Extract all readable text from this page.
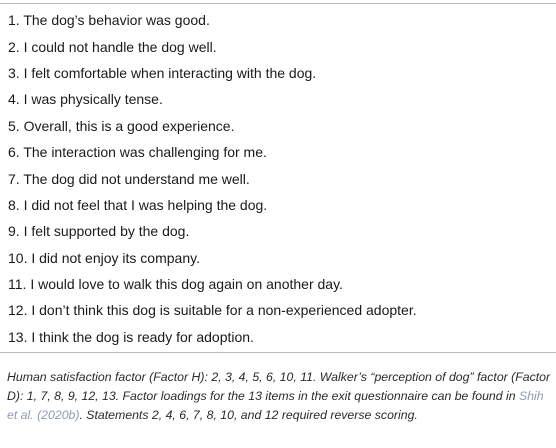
1. The dog’s behavior was good.
2. I could not handle the dog well.
3. I felt comfortable when interacting with the dog.
4. I was physically tense.
5. Overall, this is a good experience.
6. The interaction was challenging for me.
7. The dog did not understand me well.
8. I did not feel that I was helping the dog.
9. I felt supported by the dog.
10. I did not enjoy its company.
11. I would love to walk this dog again on another day.
12. I don’t think this dog is suitable for a non-experienced adopter.
13. I think the dog is ready for adoption.
Human satisfaction factor (Factor H): 2, 3, 4, 5, 6, 10, 11. Walker’s “perception of dog” factor (Factor D): 1, 7, 8, 9, 12, 13. Factor loadings for the 13 items in the exit questionnaire can be found in Shih et al. (2020b). Statements 2, 4, 6, 7, 8, 10, and 12 required reverse scoring.
